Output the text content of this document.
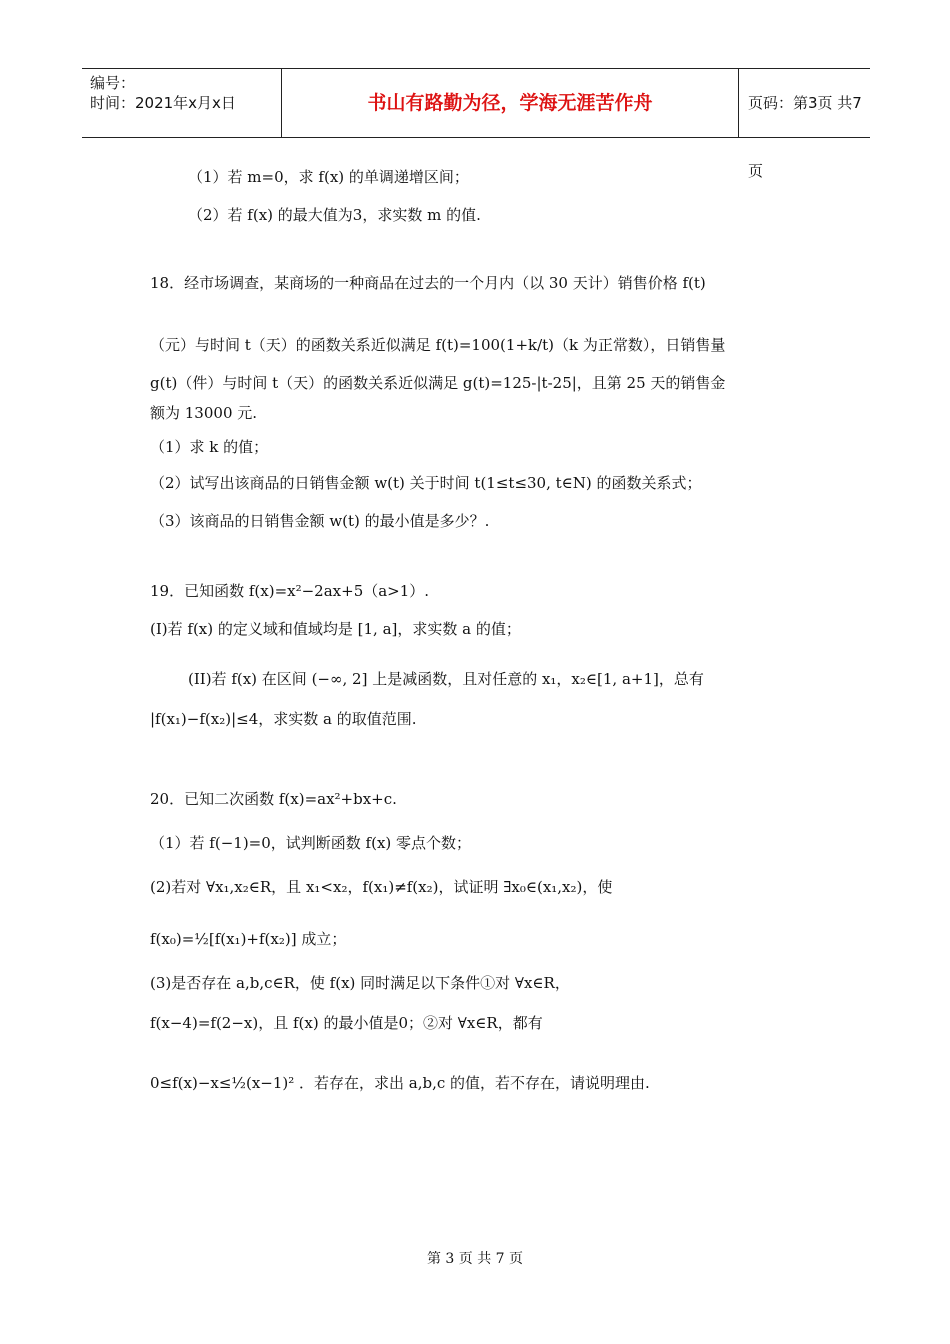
编号：
时间：2021年x月x日	书山有路勤为径，学海无涯苦作舟	页码：第3页 共7页
（1）若 m=0，求 f(x) 的单调递增区间；
（2）若 f(x) 的最大值为3，求实数 m 的值.
18．经市场调查，某商场的一种商品在过去的一个月内（以 30 天计）销售价格 f(t)
（元）与时间 t（天）的函数关系近似满足 f(t)=100(1+k/t)（k 为正常数），日销售量
g(t)（件）与时间 t（天）的函数关系近似满足 g(t)=125-|t-25|，且第 25 天的销售金
额为 13000 元.
（1）求 k 的值；
（2）试写出该商品的日销售金额 w(t) 关于时间 t(1≤t≤30, t∈N) 的函数关系式；
（3）该商品的日销售金额 w(t) 的最小值是多少？.
19．已知函数 f(x)=x²−2ax+5（a>1）.
(I)若 f(x) 的定义域和值域均是 [1, a]，求实数 a 的值；
(II)若 f(x) 在区间 (−∞, 2] 上是减函数，且对任意的 x₁，x₂∈[1, a+1]，总有
|f(x₁)−f(x₂)|≤4，求实数 a 的取值范围.
20．已知二次函数 f(x)=ax²+bx+c.
（1）若 f(−1)=0，试判断函数 f(x) 零点个数；
(2)若对 ∀x₁,x₂∈R，且 x₁<x₂，f(x₁)≠f(x₂)，试证明 ∃x₀∈(x₁,x₂)，使
f(x₀)=½[f(x₁)+f(x₂)] 成立；
(3)是否存在 a,b,c∈R，使 f(x) 同时满足以下条件①对 ∀x∈R，
f(x−4)=f(2−x)，且 f(x) 的最小值是0；②对 ∀x∈R，都有
0≤f(x)−x≤½(x−1)² ．若存在，求出 a,b,c 的值，若不存在，请说明理由.
第 3 页 共 7 页
